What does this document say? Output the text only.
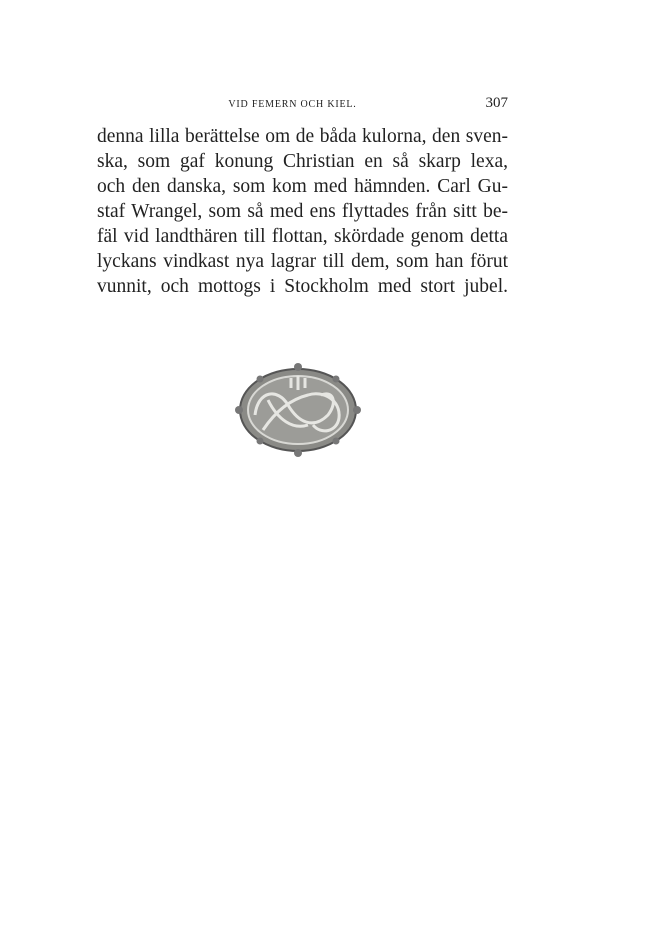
VID FEMERN OCH KIEL.	307
denna lilla berättelse om de båda kulorna, den sven-
ska, som gaf konung Christian en så skarp lexa,
och den danska, som kom med hämnden. Carl Gu-
staf Wrangel, som så med ens flyttades från sitt be-
fäl vid landthären till flottan, skördade genom detta
lyckans vindkast nya lagrar till dem, som han förut
vunnit, och mottogs i Stockholm med stort jubel.
